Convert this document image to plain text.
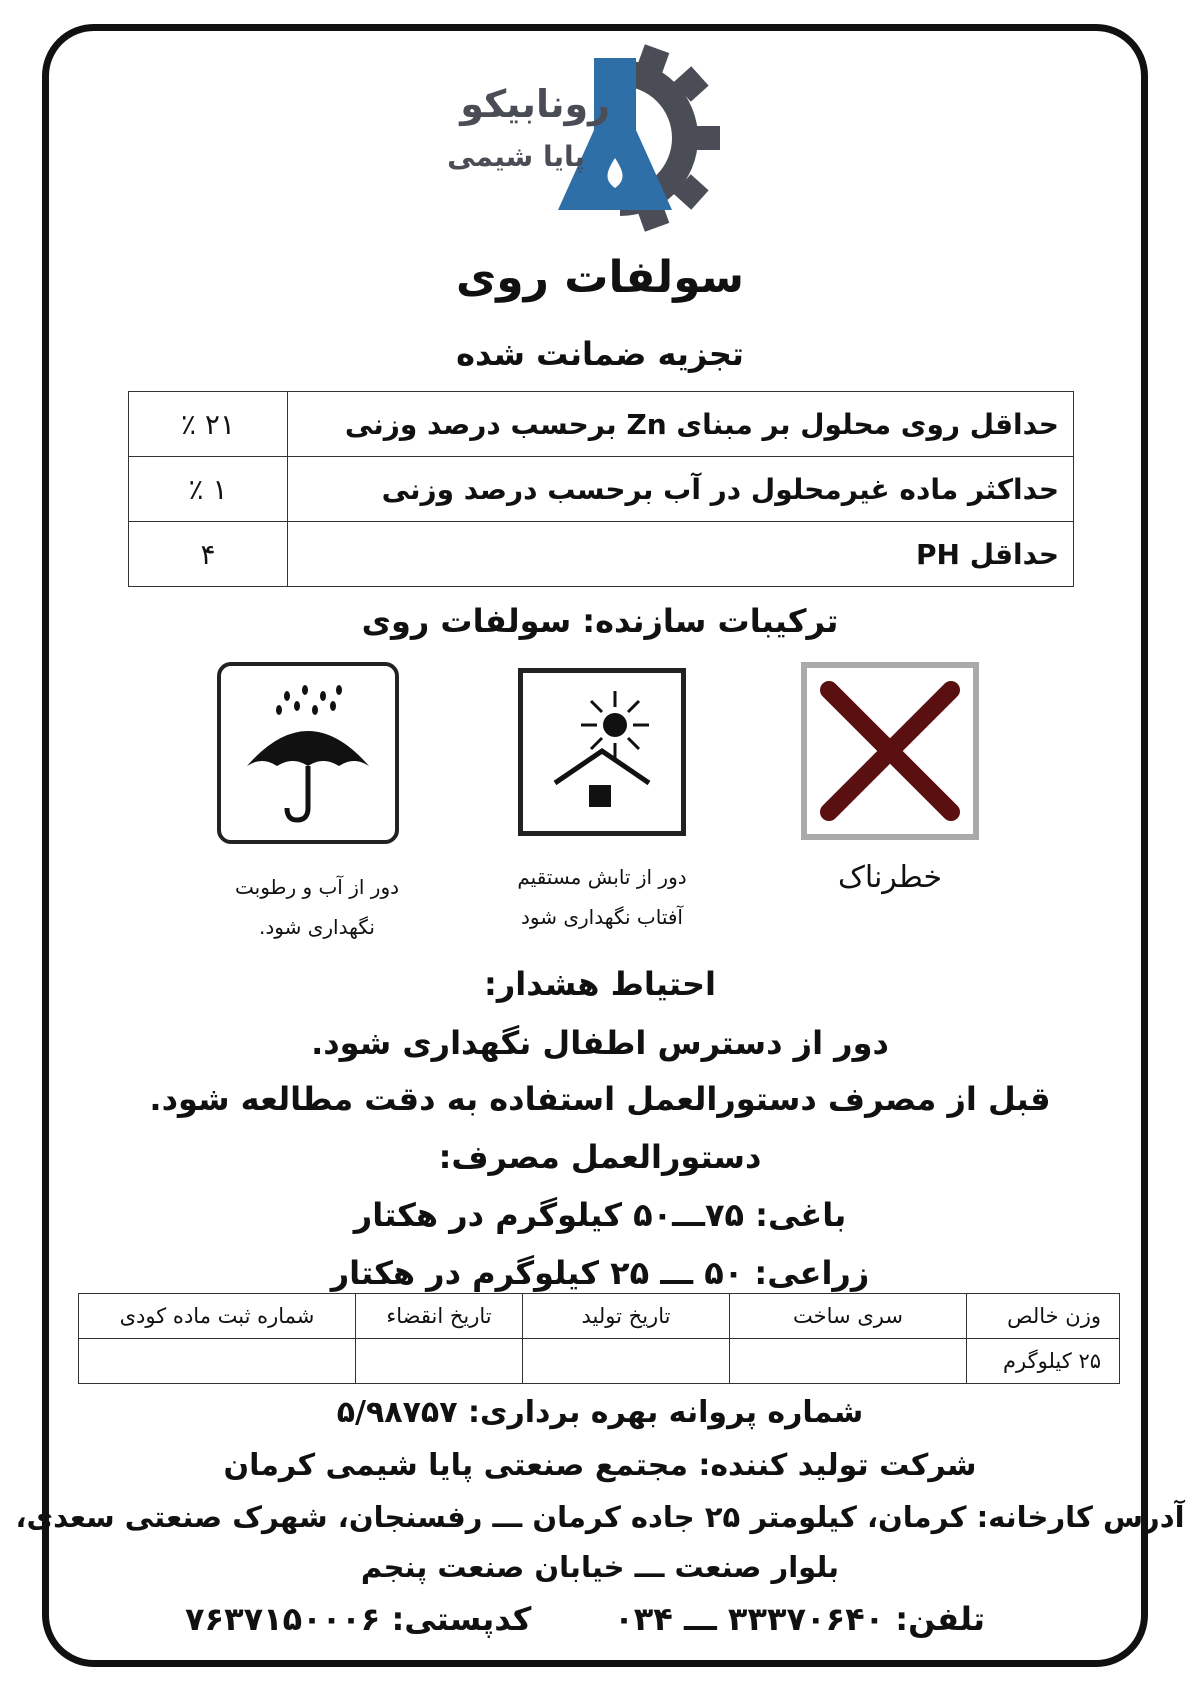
رونابیکو
پایا شیمی
سولفات روی
تجزیه ضمانت شده
٪ ۲۱	حداقل روی محلول بر مبنای Zn برحسب درصد وزنی
٪ ۱	حداکثر ماده غیرمحلول در آب برحسب درصد وزنی
۴	حداقل PH
ترکیبات سازنده: سولفات روی
خطرناک
دور از تابش مستقیم
آفتاب نگهداری شود
دور از آب و رطوبت
نگهداری شود.
احتیاط هشدار:
دور از دسترس اطفال نگهداری شود.
قبل از مصرف دستورالعمل استفاده به دقت مطالعه شود.
دستورالعمل مصرف:
باغی: ۷۵ـــ۵۰ کیلوگرم در هکتار
زراعی: ۵۰ ـــ ۲۵ کیلوگرم در هکتار
شماره ثبت ماده کودی	تاریخ انقضاء	تاریخ تولید	سری ساخت	وزن خالص
				۲۵ کیلوگرم
شماره پروانه بهره برداری: ۵/۹۸۷۵۷
شرکت تولید کننده: مجتمع صنعتی پایا شیمی کرمان
آدرس کارخانه: کرمان، کیلومتر ۲۵ جاده کرمان ـــ رفسنجان، شهرک صنعتی سعدی،
بلوار صنعت ـــ خیابان صنعت پنجم
تلفن: ۳۳۳۷۰۶۴۰ ـــ ۰۳۴
کدپستی: ۷۶۳۷۱۵۰۰۰۶
